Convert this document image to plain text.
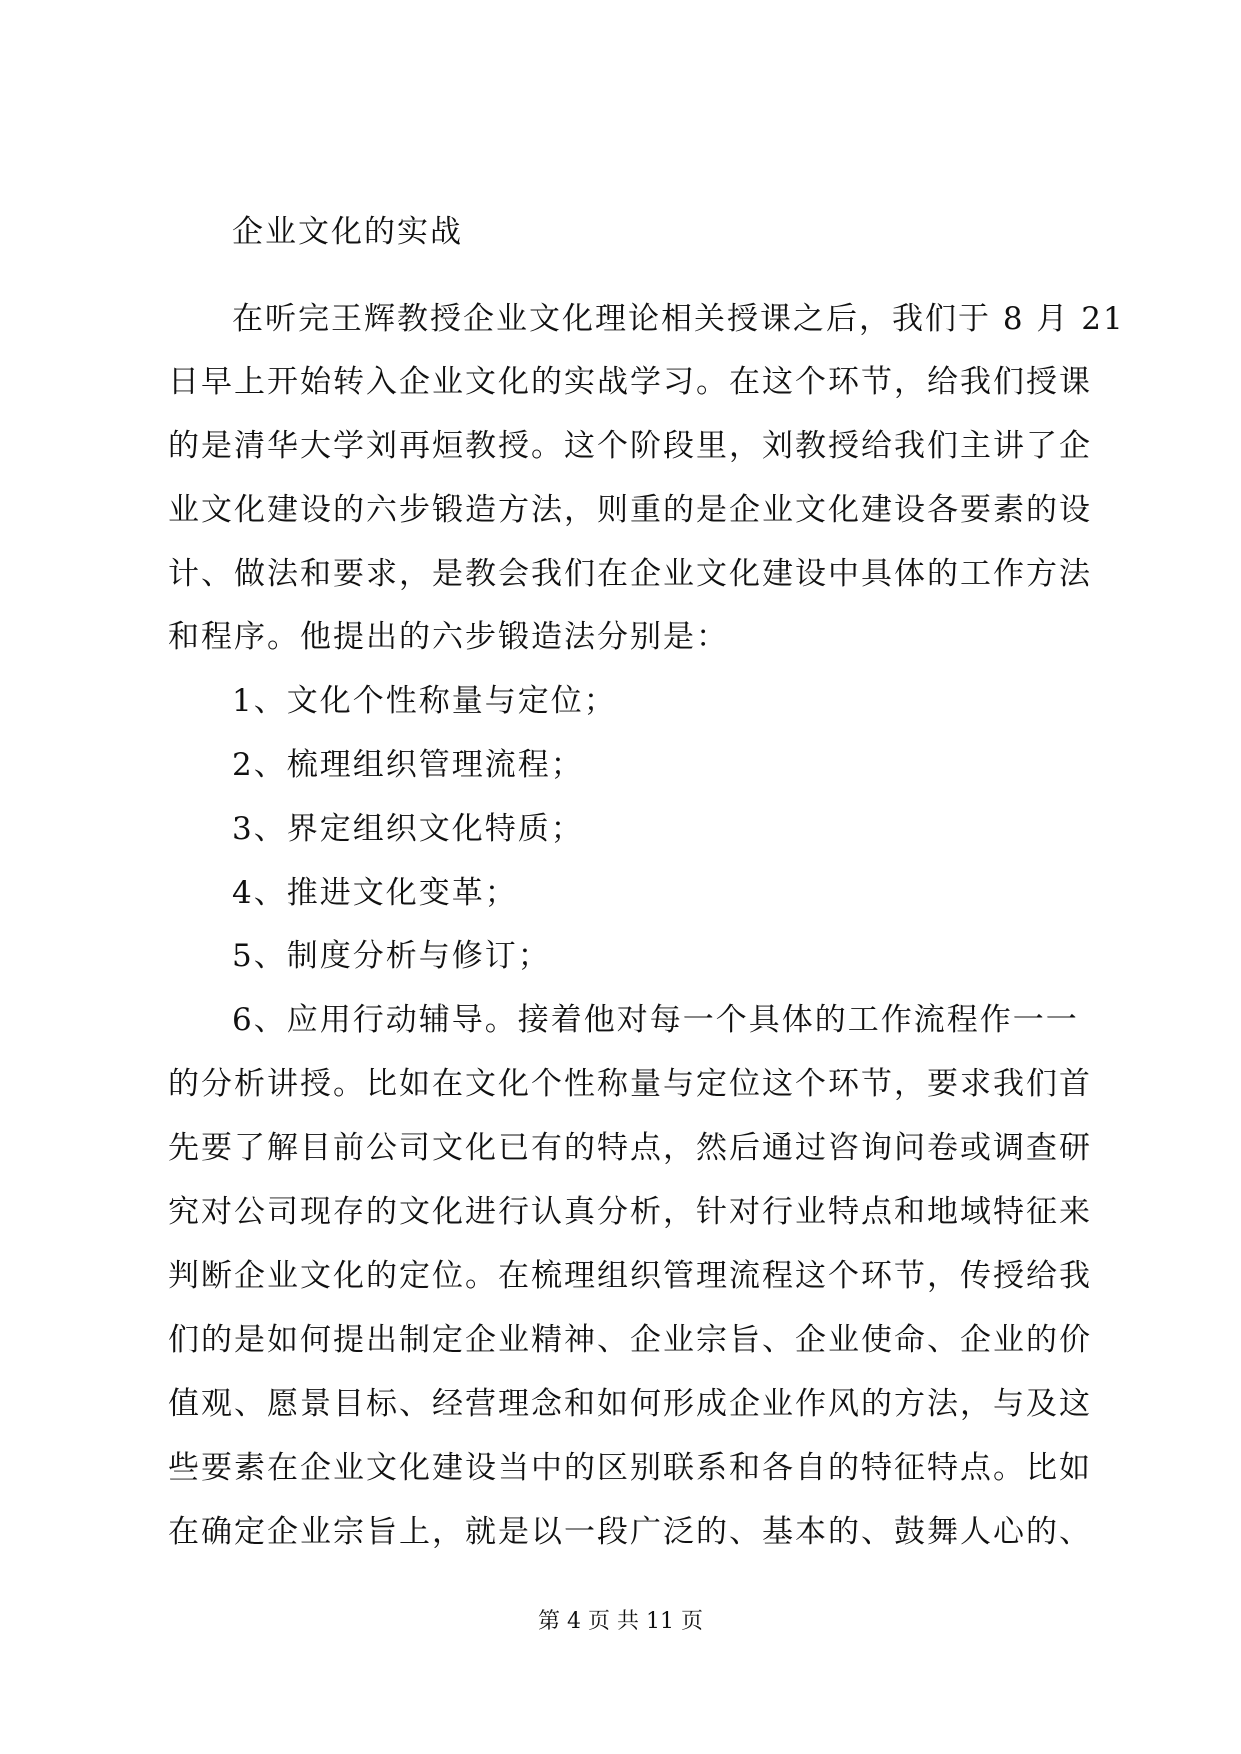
企业文化的实战
在听完王辉教授企业文化理论相关授课之后，我们于 8 月 21
日早上开始转入企业文化的实战学习。在这个环节，给我们授课
的是清华大学刘再烜教授。这个阶段里，刘教授给我们主讲了企
业文化建设的六步锻造方法，则重的是企业文化建设各要素的设
计、做法和要求，是教会我们在企业文化建设中具体的工作方法
和程序。他提出的六步锻造法分别是：
1、文化个性称量与定位；
2、梳理组织管理流程；
3、界定组织文化特质；
4、推进文化变革；
5、制度分析与修订；
6、应用行动辅导。接着他对每一个具体的工作流程作一一
的分析讲授。比如在文化个性称量与定位这个环节，要求我们首
先要了解目前公司文化已有的特点，然后通过咨询问卷或调查研
究对公司现存的文化进行认真分析，针对行业特点和地域特征来
判断企业文化的定位。在梳理组织管理流程这个环节，传授给我
们的是如何提出制定企业精神、企业宗旨、企业使命、企业的价
值观、愿景目标、经营理念和如何形成企业作风的方法，与及这
些要素在企业文化建设当中的区别联系和各自的特征特点。比如
在确定企业宗旨上，就是以一段广泛的、基本的、鼓舞人心的、
第 4 页 共 11 页
